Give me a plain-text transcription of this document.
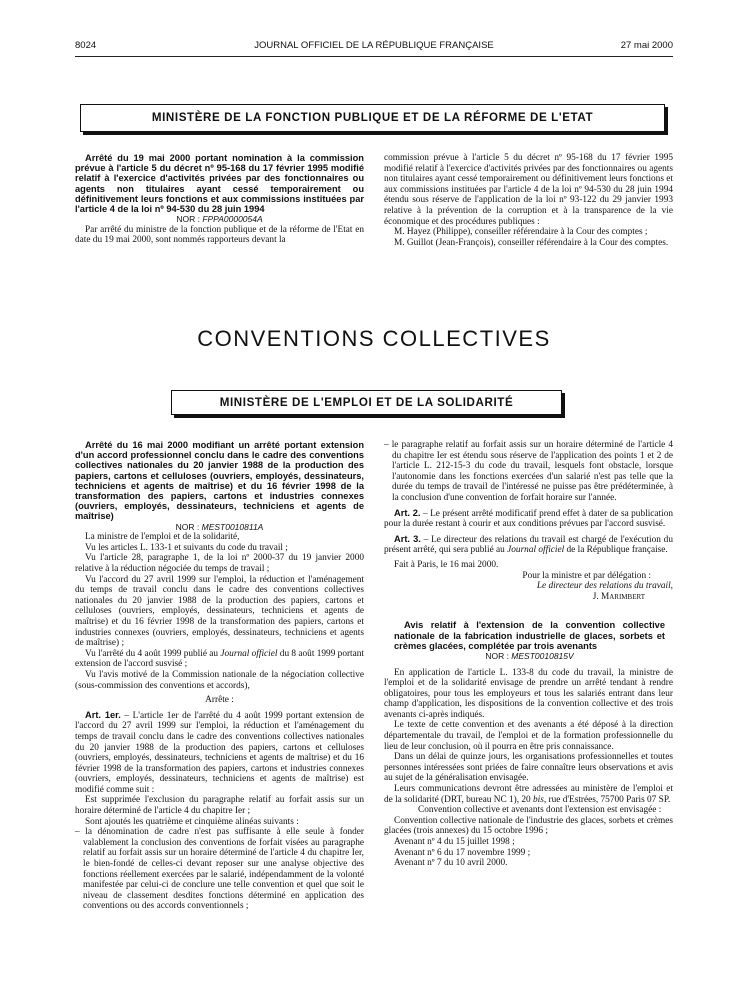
8024	JOURNAL OFFICIEL DE LA RÉPUBLIQUE FRANÇAISE	27 mai 2000
MINISTÈRE DE LA FONCTION PUBLIQUE ET DE LA RÉFORME DE L'ETAT

Arrêté du 19 mai 2000 portant nomination à la commission prévue à l'article 5 du décret nº 95-168 du 17 février 1995 modifié relatif à l'exercice d'activités privées par des fonctionnaires ou agents non titulaires ayant cessé temporairement ou définitivement leurs fonctions et aux commissions instituées par l'article 4 de la loi nº 94-530 du 28 juin 1994

NOR : FPPA0000054A

Par arrêté du ministre de la fonction publique et de la réforme de l'Etat en date du 19 mai 2000, sont nommés rapporteurs devant la

commission prévue à l'article 5 du décret nº 95-168 du 17 février 1995 modifié relatif à l'exercice d'activités privées par des fonctionnaires ou agents non titulaires ayant cessé temporairement ou définitivement leurs fonctions et aux commissions instituées par l'article 4 de la loi nº 94-530 du 28 juin 1994 étendu sous réserve de l'application de la loi nº 93-122 du 29 janvier 1993 relative à la prévention de la corruption et à la transparence de la vie économique et des procédures publiques :

M. Hayez (Philippe), conseiller référendaire à la Cour des comptes ;

M. Guillot (Jean-François), conseiller référendaire à la Cour des comptes.

CONVENTIONS COLLECTIVES
MINISTÈRE DE L'EMPLOI ET DE LA SOLIDARITÉ

Arrêté du 16 mai 2000 modifiant un arrêté portant extension d'un accord professionnel conclu dans le cadre des conventions collectives nationales du 20 janvier 1988 de la production des papiers, cartons et celluloses (ouvriers, employés, dessinateurs, techniciens et agents de maîtrise) et du 16 février 1998 de la transformation des papiers, cartons et industries connexes (ouvriers, employés, dessinateurs, techniciens et agents de maîtrise)

NOR : MEST0010811A

La ministre de l'emploi et de la solidarité,

Vu les articles L. 133-1 et suivants du code du travail ;

Vu l'article 28, paragraphe 1, de la loi nº 2000-37 du 19 janvier 2000 relative à la réduction négociée du temps de travail ;

Vu l'accord du 27 avril 1999 sur l'emploi, la réduction et l'aménagement du temps de travail conclu dans le cadre des conventions collectives nationales du 20 janvier 1988 de la production des papiers, cartons et celluloses (ouvriers, employés, dessinateurs, techniciens et agents de maîtrise) et du 16 février 1998 de la transformation des papiers, cartons et industries connexes (ouvriers, employés, dessinateurs, techniciens et agents de maîtrise) ;

Vu l'arrêté du 4 août 1999 publié au Journal officiel du 8 août 1999 portant extension de l'accord susvisé ;

Vu l'avis motivé de la Commission nationale de la négociation collective (sous-commission des conventions et accords),

Arrête :

Art. 1er. – L'article 1er de l'arrêté du 4 août 1999 portant extension de l'accord du 27 avril 1999 sur l'emploi, la réduction et l'aménagement du temps de travail conclu dans le cadre des conventions collectives nationales du 20 janvier 1988 de la production des papiers, cartons et celluloses (ouvriers, employés, dessinateurs, techniciens et agents de maîtrise) et du 16 février 1998 de la transformation des papiers, cartons et industries connexes (ouvriers, employés, dessinateurs, techniciens et agents de maîtrise) est modifié comme suit :

Est supprimée l'exclusion du paragraphe relatif au forfait assis sur un horaire déterminé de l'article 4 du chapitre Ier ;

Sont ajoutés les quatrième et cinquième alinéas suivants :

– la dénomination de cadre n'est pas suffisante à elle seule à fonder valablement la conclusion des conventions de forfait visées au paragraphe relatif au forfait assis sur un horaire déterminé de l'article 4 du chapitre Ier, le bien-fondé de celles-ci devant reposer sur une analyse objective des fonctions réellement exercées par le salarié, indépendamment de la volonté manifestée par celui-ci de conclure une telle convention et quel que soit le niveau de classement desdites fonctions déterminé en application des conventions ou des accords conventionnels ;

– le paragraphe relatif au forfait assis sur un horaire déterminé de l'article 4 du chapitre Ier est étendu sous réserve de l'application des points 1 et 2 de l'article L. 212-15-3 du code du travail, lesquels font obstacle, lorsque l'autonomie dans les fonctions exercées d'un salarié n'est pas telle que la durée du temps de travail de l'intéressé ne puisse pas être prédéterminée, à la conclusion d'une convention de forfait horaire sur l'année.

Art. 2. – Le présent arrêté modificatif prend effet à dater de sa publication pour la durée restant à courir et aux conditions prévues par l'accord susvisé.

Art. 3. – Le directeur des relations du travail est chargé de l'exécution du présent arrêté, qui sera publié au Journal officiel de la République française.

Fait à Paris, le 16 mai 2000.

Pour la ministre et par délégation :

Le directeur des relations du travail,

J. Marimbert

Avis relatif à l'extension de la convention collective nationale de la fabrication industrielle de glaces, sorbets et crèmes glacées, complétée par trois avenants

NOR : MEST0010815V

En application de l'article L. 133-8 du code du travail, la ministre de l'emploi et de la solidarité envisage de prendre un arrêté tendant à rendre obligatoires, pour tous les employeurs et tous les salariés entrant dans leur champ d'application, les dispositions de la convention collective et des trois avenants ci-après indiqués.

Le texte de cette convention et des avenants a été déposé à la direction départementale du travail, de l'emploi et de la formation professionnelle du lieu de leur conclusion, où il pourra en être pris connaissance.

Dans un délai de quinze jours, les organisations professionnelles et toutes personnes intéressées sont priées de faire connaître leurs observations et avis au sujet de la généralisation envisagée.

Leurs communications devront être adressées au ministère de l'emploi et de la solidarité (DRT, bureau NC 1), 20 bis, rue d'Estrées, 75700 Paris 07 SP.

Convention collective et avenants dont l'extension est envisagée :

Convention collective nationale de l'industrie des glaces, sorbets et crèmes glacées (trois annexes) du 15 octobre 1996 ;

Avenant nº 4 du 15 juillet 1998 ;

Avenant nº 6 du 17 novembre 1999 ;

Avenant nº 7 du 10 avril 2000.
